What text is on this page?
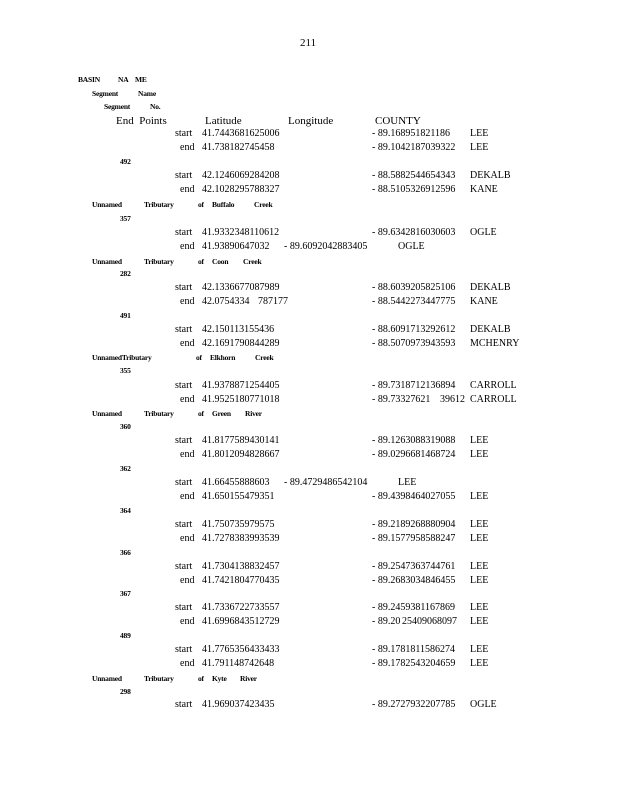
211
BASIN NA ME
Segment	Name
Segment	No.
End  Points	Latitude	Longitude	COUNTY
start 41.7443681625006	- 89.168951821186 LEE
end 41.738182745458	- 89.1042187039322 LEE
492
start 42.1246069284208	- 88.5882544654343 DEKALB
end 42.1028295788327	- 88.5105326912596 KANE
Unnamed	Tributary	of Buffalo	Creek
357
start 41.9332348110612	- 89.6342816030603 OGLE
end 41.93890647032 - 89.6092042883405	OGLE
Unnamed	Tributary	of Coon Creek
282
start 42.1336677087989	- 88.6039205825106 DEKALB
end 42.0754334 787177	- 88.5442273447775 KANE
491
start 42.150113155436	- 88.6091713292612 DEKALB
end 42.1691790844289	- 88.5070973943593 MCHENRY
UnnamedTributary	of Elkhorn	Creek
355
start 41.9378871254405	- 89.7318712136894 CARROLL
end 41.9525180771018	- 89.73327621 39612 CARROLL
Unnamed	Tributary	of Green River
360
start 41.8177589430141	- 89.1263088319088 LEE
end 41.8012094828667	- 89.0296681468724 LEE
362
start 41.66455888603 - 89.4729486542104	LEE
end 41.650155479351	- 89.4398464027055 LEE
364
start 41.750735979575	- 89.2189268880904 LEE
end 41.7278383993539	- 89.1577958588247 LEE
366
start 41.7304138832457	- 89.2547363744761 LEE
end 41.7421804770435	- 89.2683034846455 LEE
367
start 41.7336722733557	- 89.2459381167869 LEE
end 41.6996843512729	- 89.20 25409068097 LEE
489
start 41.7765356433433	- 89.1781811586274 LEE
end 41.791148742648	- 89.1782543204659 LEE
Unnamed	Tributary	of Kyte River
298
start 41.969037423435	- 89.2727932207785 OGLE
